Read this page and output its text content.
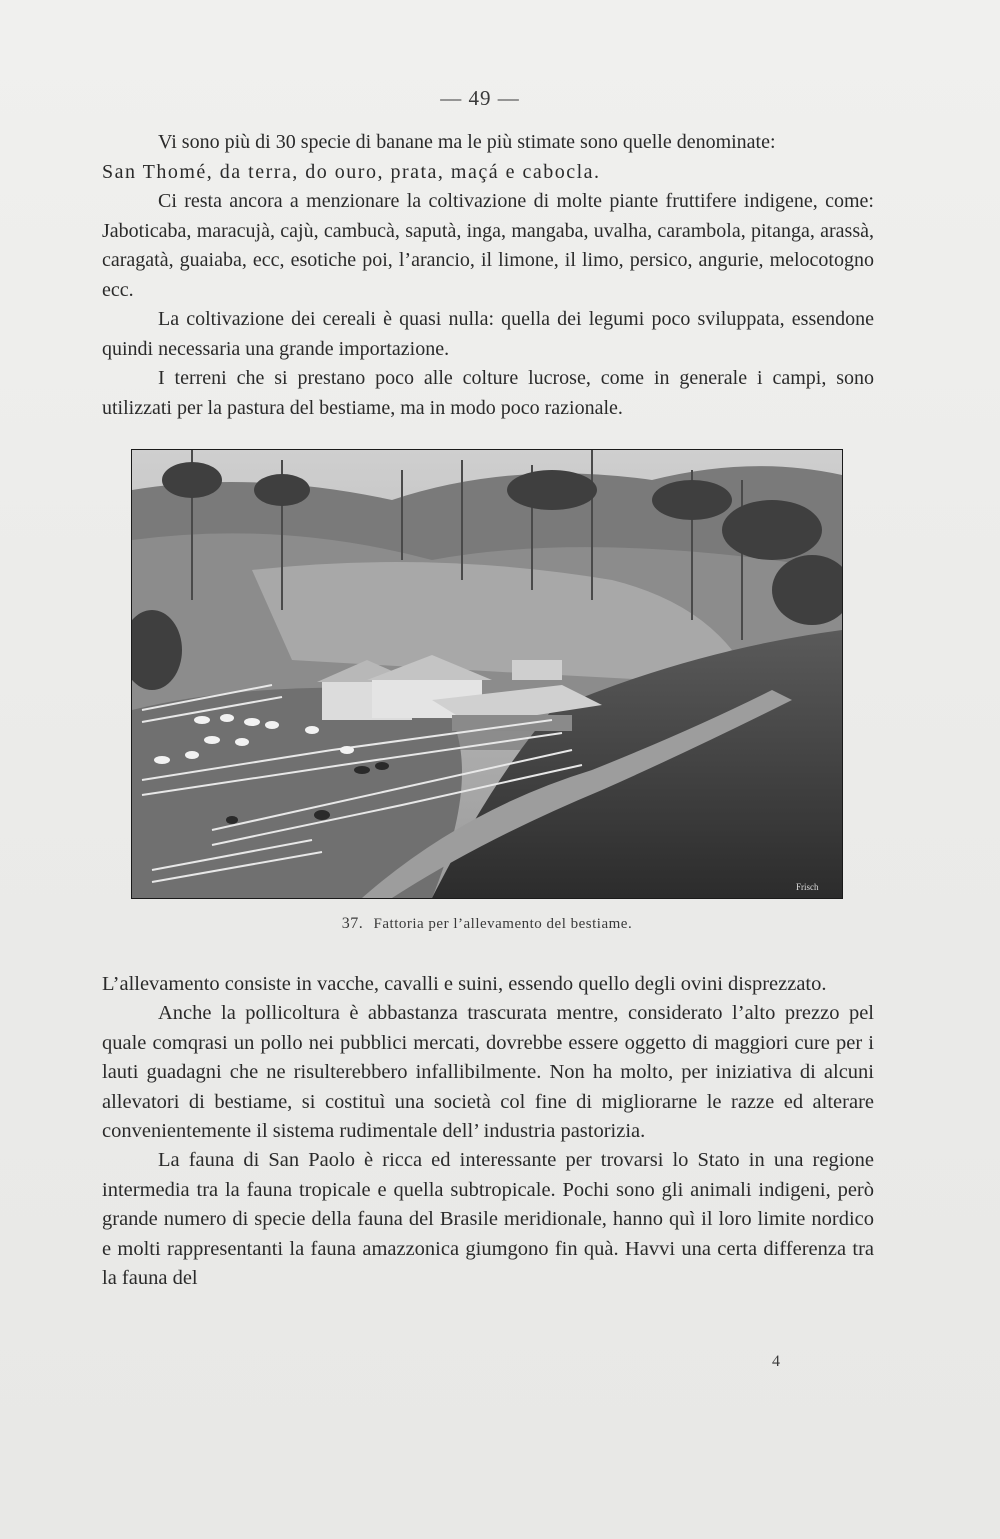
— 49 —

Vi sono più di 30 specie di banane ma le più stimate sono quelle denominate:

San Thomé, da terra, do ouro, prata, maçá e cabocla.

Ci resta ancora a menzionare la coltivazione di molte piante fruttifere indigene, come: Jaboticaba, maracujà, cajù, cambucà, saputà, inga, mangaba, uvalha, carambola, pitanga, arassà, caragatà, guaiaba, ecc, esotiche poi, l’arancio, il limone, il limo, persico, angurie, melocotogno ecc.

La coltivazione dei cereali è quasi nulla: quella dei legumi poco sviluppata, essendone quindi necessaria una grande importazione.

I terreni che si prestano poco alle colture lucrose, come in generale i campi, sono utilizzati per la pastura del bestiame, ma in modo poco razionale.

Frisch
37. Fattoria per l’allevamento del bestiame.

L’allevamento consiste in vacche, cavalli e suini, essendo quello degli ovini disprezzato.

Anche la pollicoltura è abbastanza trascurata mentre, considerato l’alto prezzo pel quale comqrasi un pollo nei pubblici mercati, dovrebbe essere oggetto di maggiori cure per i lauti guadagni che ne risulterebbero infallibilmente. Non ha molto, per iniziativa di alcuni allevatori di bestiame, si costituì una società col fine di migliorarne le razze ed alterare convenientemente il sistema rudimentale dell’ industria pastorizia.

La fauna di San Paolo è ricca ed interessante per trovarsi lo Stato in una regione intermedia tra la fauna tropicale e quella subtropicale. Pochi sono gli animali indigeni, però grande numero di specie della fauna del Brasile meridionale, hanno quì il loro limite nordico e molti rappresentanti la fauna amazzonica giumgono fin quà. Havvi una certa differenza tra la fauna del

4
